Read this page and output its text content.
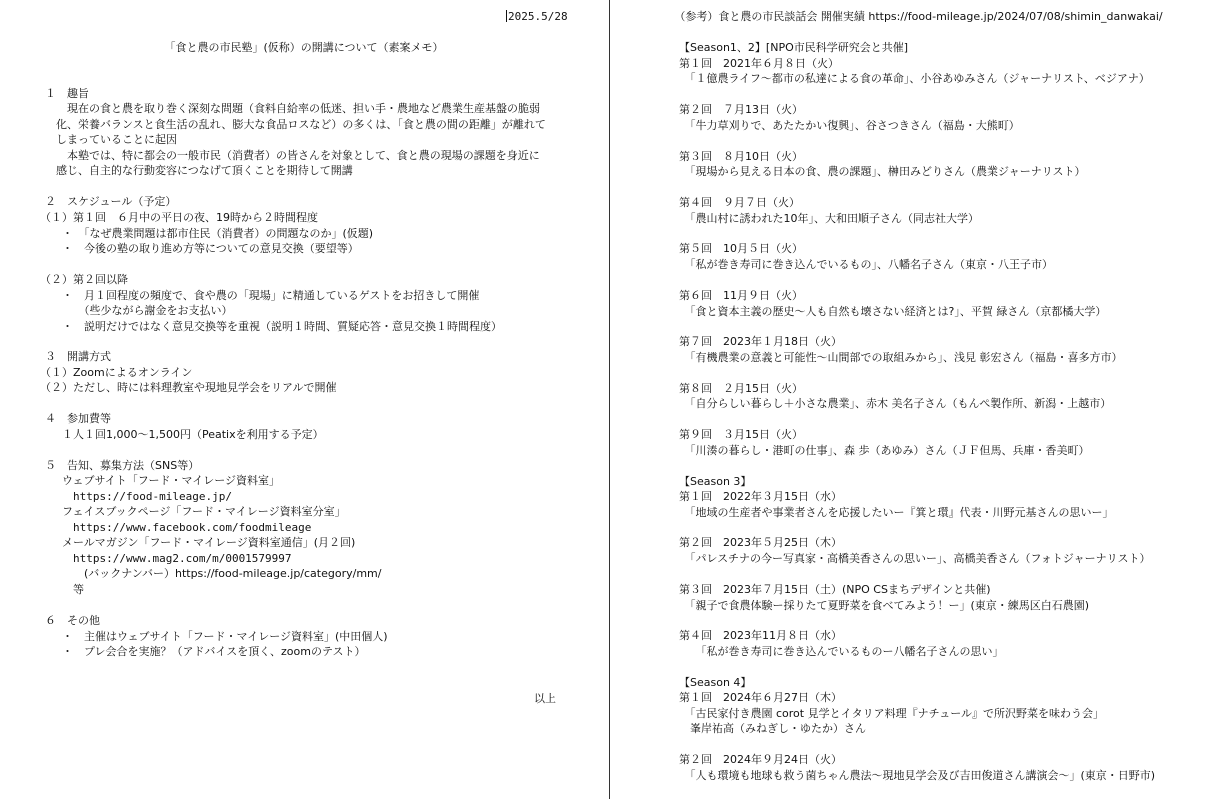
2025.5/28
「食と農の市民塾」(仮称）の開講について（素案メモ）
１　趣旨
　現在の食と農を取り巻く深刻な問題（食料自給率の低迷、担い手・農地など農業生産基盤の脆弱
化、栄養バランスと食生活の乱れ、膨大な食品ロスなど）の多くは、｢食と農の間の距離」が離れて
しまっていることに起因
　本塾では、特に都会の一般市民（消費者）の皆さんを対象として、食と農の現場の課題を身近に
感じ、自主的な行動変容につなげて頂くことを期待して開講
２　スケジュール（予定）
（１）第１回　６月中の平日の夜、19時から２時間程度
　　・　「なぜ農業問題は都市住民（消費者）の問題なのか」(仮題)
　　・　今後の塾の取り進め方等についての意見交換（要望等）
（２）第２回以降
　　・　月１回程度の頻度で、食や農の「現場」に精通しているゲストをお招きして開催
　　　　（些少ながら謝金をお支払い）
　　・　説明だけではなく意見交換等を重視（説明１時間、質疑応答・意見交換１時間程度）
３　開講方式
（１）Zoomによるオンライン
（２）ただし、時には料理教室や現地見学会をリアルで開催
４　参加費等
　　１人１回1,000～1,500円（Peatixを利用する予定）
５　告知、募集方法（SNS等）
　　ウェブサイト「フード・マイレージ資料室」
　　　https://food-mileage.jp/
　　フェイスブックページ「フード・マイレージ資料室分室」
　　　https://www.facebook.com/foodmileage
　　メールマガジン「フード・マイレージ資料室通信」(月２回)
　　　https://www.mag2.com/m/0001579997
　　　　(バックナンバー）https://food-mileage.jp/category/mm/
　　　等
６　その他
　　・　主催はウェブサイト「フード・マイレージ資料室」(中田個人)
　　・　プレ会合を実施？（アドバイスを頂く、zoomのテスト）
以上
（参考）食と農の市民談話会 開催実績 https://food-mileage.jp/2024/07/08/shimin_danwakai/
【Season1、2】[NPO市民科学研究会と共催]
第１回　2021年６月８日（火）
　「１億農ライフ～都市の私達による食の革命」、小谷あゆみさん（ジャーナリスト、ベジアナ）
第２回　７月13日（火）
　「牛力草刈りで、あたたかい復興」、谷さつきさん（福島・大熊町）
第３回　８月10日（火）
　「現場から見える日本の食、農の課題」、榊田みどりさん（農業ジャーナリスト）
第４回　９月７日（火）
　「農山村に誘われた10年」、大和田順子さん（同志社大学）
第５回　10月５日（火）
　「私が巻き寿司に巻き込んでいるもの」、八幡名子さん（東京・八王子市）
第６回　11月９日（火）
　「食と資本主義の歴史～人も自然も壊さない経済とは?」、平賀 緑さん（京都橘大学）
第７回　2023年１月18日（火）
　「有機農業の意義と可能性～山間部での取組みから」、浅見 彰宏さん（福島・喜多方市）
第８回　２月15日（火）
　「自分らしい暮らし＋小さな農業」、赤木 美名子さん（もんぺ製作所、新潟・上越市）
第９回　３月15日（火）
　「川湊の暮らし・港町の仕事」、森 歩（あゆみ）さん（ＪＦ但馬、兵庫・香美町）
【Season 3】
第１回　2022年３月15日（水）
　「地域の生産者や事業者さんを応援したいー『箕と環』代表・川野元基さんの思いー」
第２回　2023年５月25日（木）
　「パレスチナの今ー写真家・高橋美香さんの思いー」、高橋美香さん（フォトジャーナリスト）
第３回　2023年７月15日（土）(NPO CSまちデザインと共催)
　「親子で食農体験ー採りたて夏野菜を食べてみよう！ー」(東京・練馬区白石農園)
第４回　2023年11月８日（水）
　　「私が巻き寿司に巻き込んでいるものー八幡名子さんの思い」
【Season 4】
第１回　2024年６月27日（木）
　「古民家付き農園 corot 見学とイタリア料理『ナチュール』で所沢野菜を味わう会」
　峯岸祐高（みねぎし・ゆたか）さん
第２回　2024年９月24日（火）
　「人も環境も地球も救う菌ちゃん農法～現地見学会及び吉田俊道さん講演会～」(東京・日野市)
